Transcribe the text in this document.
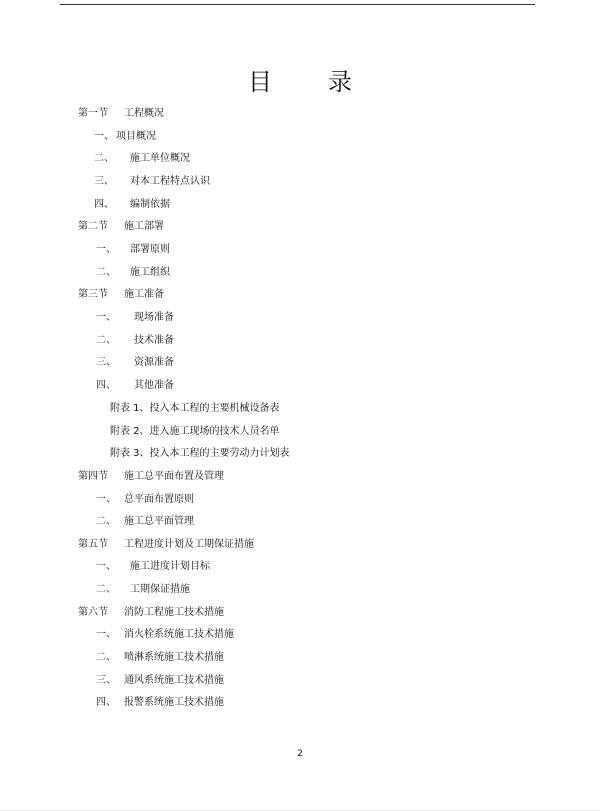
目 录
第一节 工程概况
一、 项目概况
二、 施工单位概况
三、 对本工程特点认识
四、 编制依据
第二节 施工部署
一、 部署原则
二、 施工组织
第三节 施工准备
一、 现场准备
二、 技术准备
三、 资源准备
四、 其他准备
附表 1、投入本工程的主要机械设备表
附表 2、进入施工现场的技术人员名单
附表 3、投入本工程的主要劳动力计划表
第四节 施工总平面布置及管理
一、 总平面布置原则
二、 施工总平面管理
第五节 工程进度计划及工期保证措施
一、 施工进度计划目标
二、 工期保证措施
第六节 消防工程施工技术措施
一、 消火栓系统施工技术措施
二、 喷淋系统施工技术措施
三、 通风系统施工技术措施
四、 报警系统施工技术措施
2
